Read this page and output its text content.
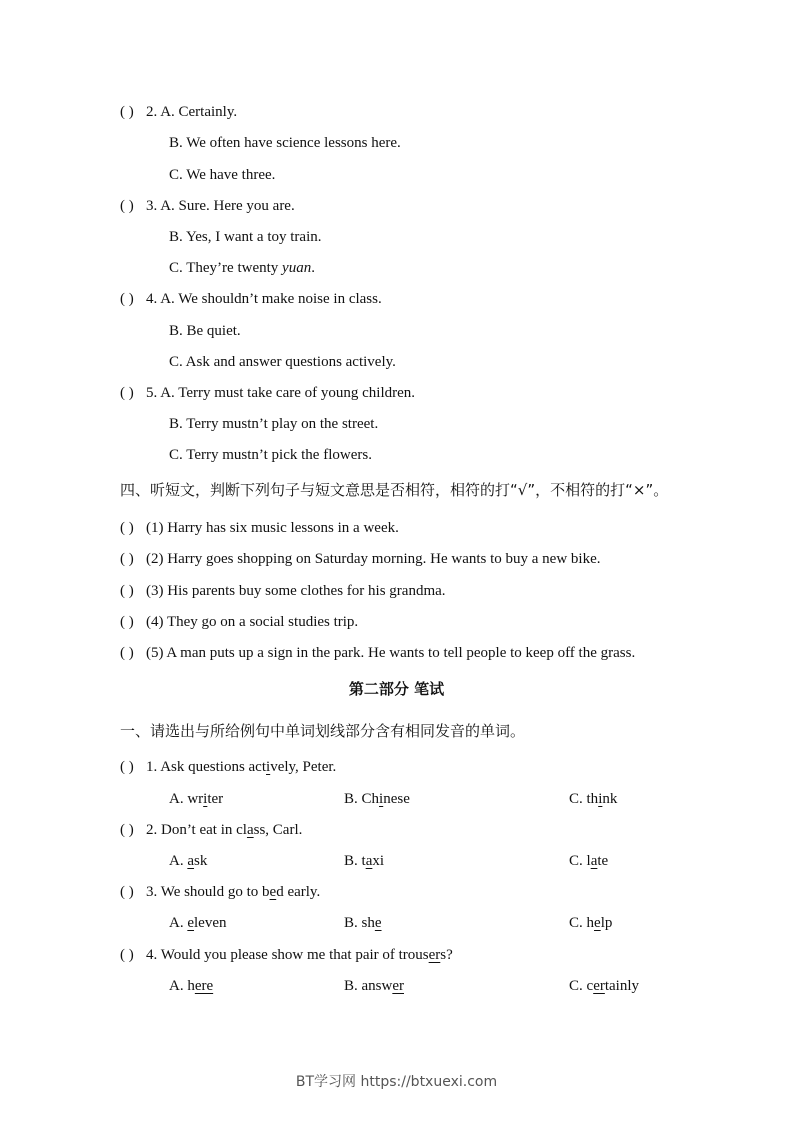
( ) 2. A. Certainly.
B. We often have science lessons here.
C. We have three.
( ) 3. A. Sure. Here you are.
B. Yes, I want a toy train.
C. They’re twenty yuan.
( ) 4. A. We shouldn’t make noise in class.
B. Be quiet.
C. Ask and answer questions actively.
( ) 5. A. Terry must take care of young children.
B. Terry mustn’t play on the street.
C. Terry mustn’t pick the flowers.
四、听短文，判断下列句子与短文意思是否相符，相符的打“√”，不相符的打“×”。
( ) (1) Harry has six music lessons in a week.
( ) (2) Harry goes shopping on Saturday morning. He wants to buy a new bike.
( ) (3) His parents buy some clothes for his grandma.
( ) (4) They go on a social studies trip.
( ) (5) A man puts up a sign in the park. He wants to tell people to keep off the grass.
第二部分 笔试
一、请选出与所给例句中单词划线部分含有相同发音的单词。
( ) 1. Ask questions actively, Peter.
A. writer	B. Chinese	C. think
( ) 2. Don’t eat in class, Carl.
A. ask	B. taxi	C. late
( ) 3. We should go to bed early.
A. eleven	B. she	C. help
( ) 4. Would you please show me that pair of trousers?
A. here	B. answer	C. certainly
BT学习网 https://btxuexi.com
